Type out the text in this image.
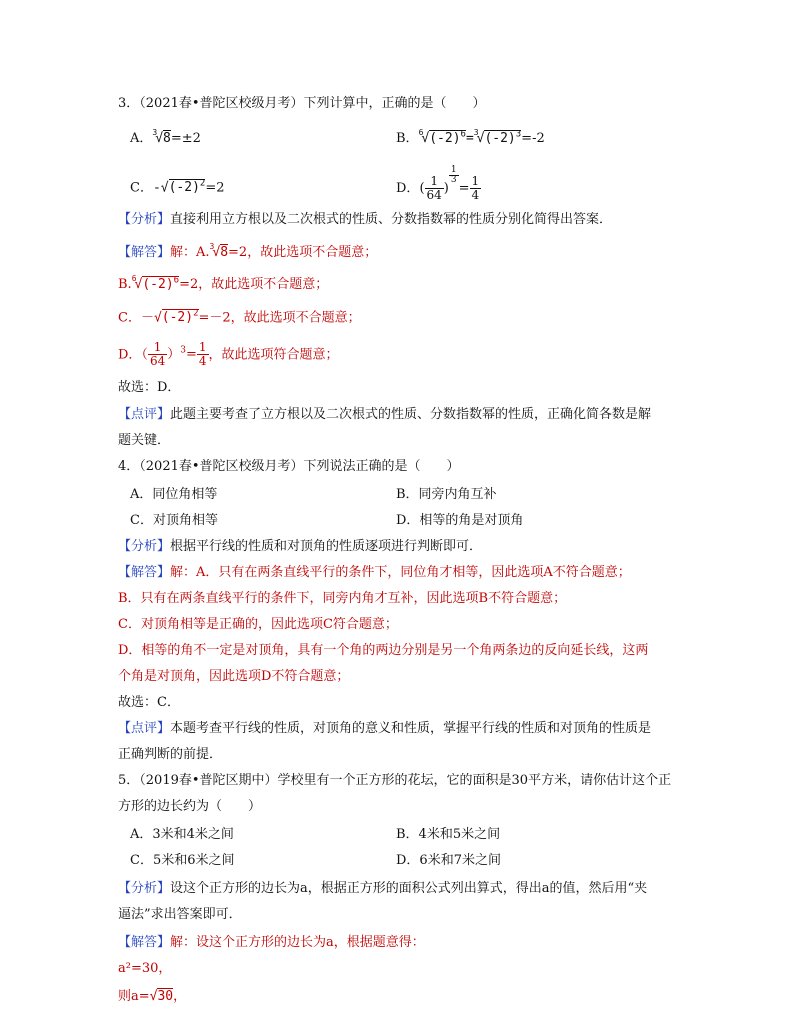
3．（2021春•普陀区校级月考）下列计算中，正确的是（　　）
A．$^3$√8=±2	B．$^6√(-2)^6=^3√(-2)^3=-2$
C．$-√(-2)^2=2$	D．( $\frac{1}{64}$ )
$\frac{1}{3}$
= $\frac{1}{4}$
【分析】直接利用立方根以及二次根式的性质、分数指数幂的性质分别化简得出答案．
【解答】解：A.$^3$√8=2，故此选项不合题意；
$B.^6√(-2)^6=2$，故此选项不合题意；
C．$-√(-2)^2=-2$，故此选项不合题意；
D．（ $\frac{1}{64} )^3= \frac{1}{4}$ ，故此选项符合题意；
故选：D．
【点评】此题主要考查了立方根以及二次根式的性质、分数指数幂的性质，正确化简各数是解
题关键．
4．（2021春•普陀区校级月考）下列说法正确的是（　　）
A．同位角相等	B．同旁内角互补
C．对顶角相等	D．相等的角是对顶角
【分析】根据平行线的性质和对顶角的性质逐项进行判断即可．
【解答】解：A．只有在两条直线平行的条件下，同位角才相等，因此选项A不符合题意；
B．只有在两条直线平行的条件下，同旁内角才互补，因此选项B不符合题意；
C．对顶角相等是正确的，因此选项C符合题意；
D．相等的角不一定是对顶角，具有一个角的两边分别是另一个角两条边的反向延长线，这两
个角是对顶角，因此选项D不符合题意；
故选：C．
【点评】本题考查平行线的性质，对顶角的意义和性质，掌握平行线的性质和对顶角的性质是
正确判断的前提．
5．（2019春•普陀区期中）学校里有一个正方形的花坛，它的面积是30平方米，请你估计这个正
方形的边长约为（　　）
A．3米和4米之间	B．4米和5米之间
C．5米和6米之间	D．6米和7米之间
【分析】设这个正方形的边长为a，根据正方形的面积公式列出算式，得出a的值，然后用“夹
逼法”求出答案即可．
【解答】解：设这个正方形的边长为a，根据题意得：
a²=30，
则a=√30，
